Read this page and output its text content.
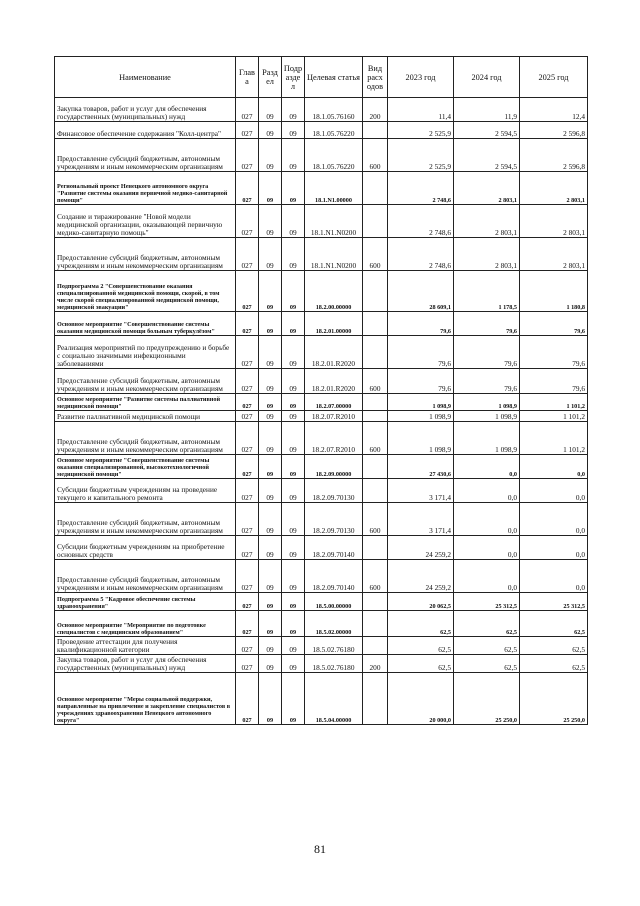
Наименование	Глав а	Разд ел	Подр азде л	Целевая статья	Вид расх одов	2023 год	2024 год	2025 год
Закупка товаров, работ и услуг для обеспечения государственных (муниципальных) нужд	027	09	09	18.1.05.76160	200	11,4	11,9	12,4
Финансовое обеспечение содержания "Колл-центра"	027	09	09	18.1.05.76220		2 525,9	2 594,5	2 596,8
Предоставление субсидий бюджетным, автономным учреждениям и иным некоммерческим организациям	027	09	09	18.1.05.76220	600	2 525,9	2 594,5	2 596,8
Региональный проект Ненецкого автономного округа "Развитие системы оказания первичной медико-санитарной помощи"	027	09	09	18.1.N1.00000		2 748,6	2 803,1	2 803,1
Создание и тиражирование "Новой модели медицинской организации, оказывающей первичную медико-санитарную помощь"	027	09	09	18.1.N1.N0200		2 748,6	2 803,1	2 803,1
Предоставление субсидий бюджетным, автономным учреждениям и иным некоммерческим организациям	027	09	09	18.1.N1.N0200	600	2 748,6	2 803,1	2 803,1
Подпрограмма 2 "Совершенствование оказания специализированной медицинской помощи, скорой, в том числе скорой специализированной медицинской помощи, медицинской эвакуации"	027	09	09	18.2.00.00000		28 609,1	1 178,5	1 180,8
Основное мероприятие "Совершенствование системы оказания медицинской помощи больным туберкулёзом"	027	09	09	18.2.01.00000		79,6	79,6	79,6
Реализация мероприятий по предупреждению и борьбе с социально значимыми инфекционными заболеваниями	027	09	09	18.2.01.R2020		79,6	79,6	79,6
Предоставление субсидий бюджетным, автономным учреждениям и иным некоммерческим организациям	027	09	09	18.2.01.R2020	600	79,6	79,6	79,6
Основное мероприятие "Развитие системы паллиативной медицинской помощи"	027	09	09	18.2.07.00000		1 098,9	1 098,9	1 101,2
Развитие паллиативной медицинской помощи	027	09	09	18.2.07.R2010		1 098,9	1 098,9	1 101,2
Предоставление субсидий бюджетным, автономным учреждениям и иным некоммерческим организациям	027	09	09	18.2.07.R2010	600	1 098,9	1 098,9	1 101,2
Основное мероприятие "Совершенствование системы оказания специализированной, высокотехнологичной медицинской помощи"	027	09	09	18.2.09.00000		27 430,6	0,0	0,0
Субсидии бюджетным учреждениям на проведение текущего и капитального ремонта	027	09	09	18.2.09.70130		3 171,4	0,0	0,0
Предоставление субсидий бюджетным, автономным учреждениям и иным некоммерческим организациям	027	09	09	18.2.09.70130	600	3 171,4	0,0	0,0
Субсидии бюджетным учреждениям на приобретение основных средств	027	09	09	18.2.09.70140		24 259,2	0,0	0,0
Предоставление субсидий бюджетным, автономным учреждениям и иным некоммерческим организациям	027	09	09	18.2.09.70140	600	24 259,2	0,0	0,0
Подпрограмма 5 "Кадровое обеспечение системы здравоохранения"	027	09	09	18.5.00.00000		20 062,5	25 312,5	25 312,5
Основное мероприятие "Мероприятие по подготовке специалистов с медицинским образованием"	027	09	09	18.5.02.00000		62,5	62,5	62,5
Проведение аттестации для получения квалификационной категории	027	09	09	18.5.02.76180		62,5	62,5	62,5
Закупка товаров, работ и услуг для обеспечения государственных (муниципальных) нужд	027	09	09	18.5.02.76180	200	62,5	62,5	62,5
Основное мероприятие "Меры социальной поддержки, направленные на привлечение и закрепление специалистов в учреждениях здравоохранения Ненецкого автономного округа"	027	09	09	18.5.04.00000		20 000,0	25 250,0	25 250,0
81
